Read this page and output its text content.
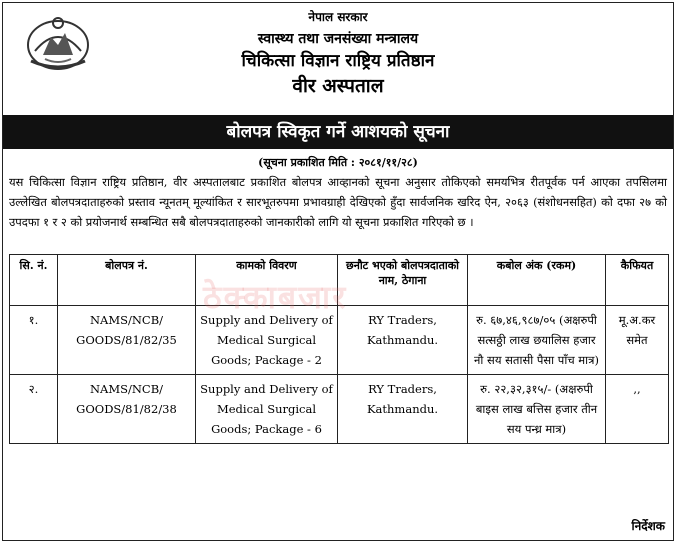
नेपाल सरकार
स्वास्थ्य तथा जनसंख्या मन्त्रालय
चिकित्सा विज्ञान राष्ट्रिय प्रतिष्ठान
वीर अस्पताल
बोलपत्र स्विकृत गर्ने आशयको सूचना
(सूचना प्रकाशित मिति : २०८१/११/२८)

यस चिकित्सा विज्ञान राष्ट्रिय प्रतिष्ठान, वीर अस्पतालबाट प्रकाशित बोलपत्र आव्हानको सूचना अनुसार तोकिएको समयभित्र रीतपूर्वक पर्न आएका तपसिलमा उल्लेखित बोलपत्रदाताहरुको प्रस्ताव न्यूनतम् मूल्यांकित र सारभूतरुपमा प्रभावग्राही देखिएको हुँदा सार्वजनिक खरिद ऐन, २०६३ (संशोधनसहित) को दफा २७ को उपदफा १ र २ को प्रयोजनार्थ सम्बन्धित सबै बोलपत्रदाताहरुको जानकारीको लागि यो सूचना प्रकाशित गरिएको छ ।

सि. नं.	बोलपत्र नं.	कामको विवरण	छनौट भएको बोलपत्रदाताको नाम, ठेगाना	कबोल अंक (रकम)	कैफियत
१.	NAMS/NCB/ GOODS/81/82/35	Supply and Delivery of Medical Surgical Goods; Package - 2	RY Traders, Kathmandu.	रु. ६७,४६,९८७/०५ (अक्षरुपी सत्सठ्ठी लाख छयालिस हजार नौ सय सतासी पैसा पाँच मात्र)	मू.अ.कर समेत
२.	NAMS/NCB/ GOODS/81/82/38	Supply and Delivery of Medical Surgical Goods; Package - 6	RY Traders, Kathmandu.	रु. २२,३२,३१५/- (अक्षरुपी बाइस लाख बत्तिस हजार तीन सय पन्ध्र मात्र)	,,
ठेक्काबजार
निर्देशक
